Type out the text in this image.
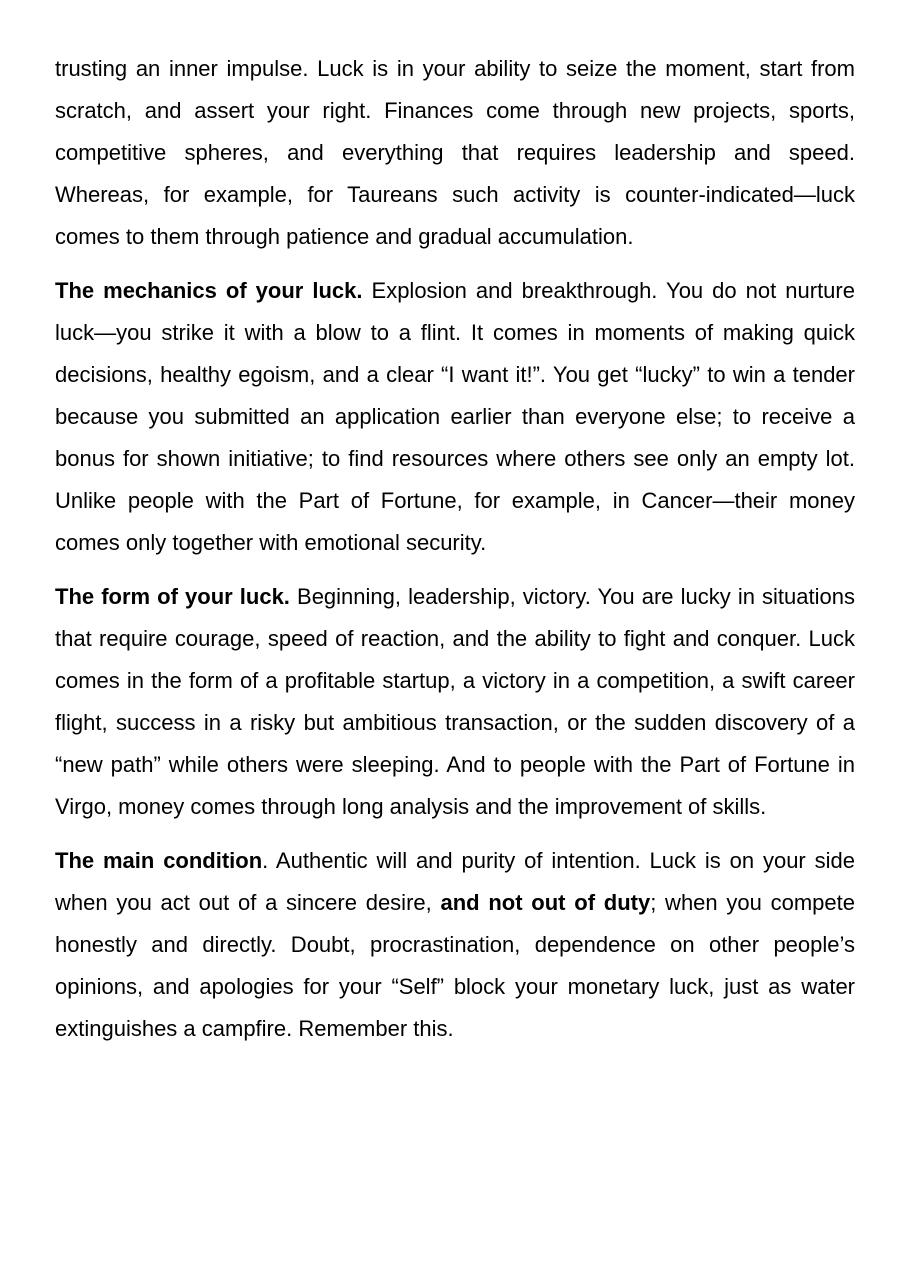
trusting an inner impulse. Luck is in your ability to seize the moment, start from scratch, and assert your right. Finances come through new projects, sports, competitive spheres, and everything that requires leadership and speed. Whereas, for example, for Taureans such activity is counter-indicated—luck comes to them through patience and gradual accumulation.

The mechanics of your luck. Explosion and breakthrough. You do not nurture luck—you strike it with a blow to a flint. It comes in moments of making quick decisions, healthy egoism, and a clear “I want it!”. You get “lucky” to win a tender because you submitted an application earlier than everyone else; to receive a bonus for shown initiative; to find resources where others see only an empty lot. Unlike people with the Part of Fortune, for example, in Cancer—their money comes only together with emotional security.

The form of your luck. Beginning, leadership, victory. You are lucky in situations that require courage, speed of reaction, and the ability to fight and conquer. Luck comes in the form of a profitable startup, a victory in a competition, a swift career flight, success in a risky but ambitious transaction, or the sudden discovery of a “new path” while others were sleeping. And to people with the Part of Fortune in Virgo, money comes through long analysis and the improvement of skills.

The main condition. Authentic will and purity of intention. Luck is on your side when you act out of a sincere desire, and not out of duty; when you compete honestly and directly. Doubt, procrastination, dependence on other people’s opinions, and apologies for your “Self” block your monetary luck, just as water extinguishes a campfire. Remember this.
